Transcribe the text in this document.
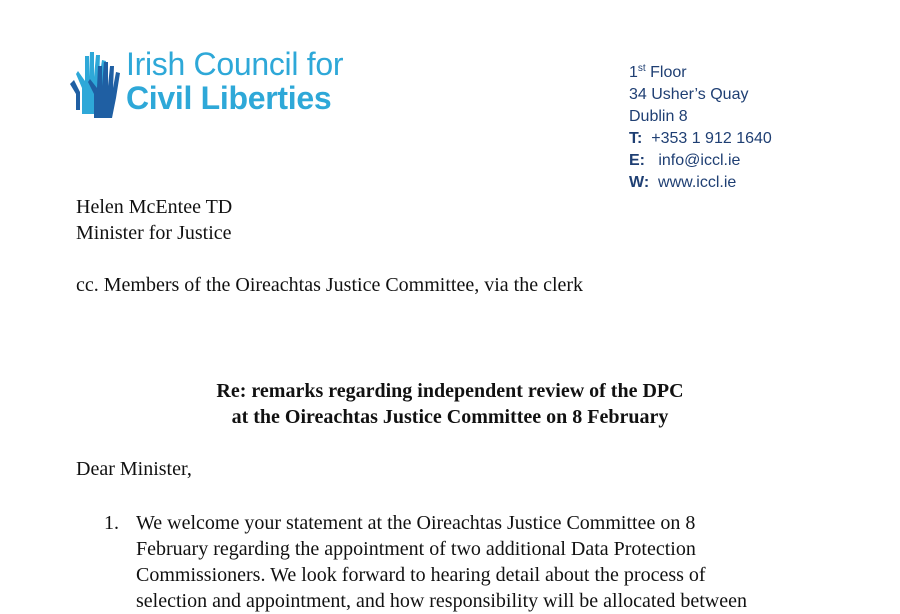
Irish Council for
Civil Liberties
1st Floor
34 Usher’s Quay
Dublin 8
T: +353 1 912 1640
E: info@iccl.ie
W: www.iccl.ie
Helen McEntee TD
Minister for Justice
cc. Members of the Oireachtas Justice Committee, via the clerk
Re: remarks regarding independent review of the DPC
at the Oireachtas Justice Committee on 8 February
Dear Minister,
1. We welcome your statement at the Oireachtas Justice Committee on 8
February regarding the appointment of two additional Data Protection
Commissioners. We look forward to hearing detail about the process of
selection and appointment, and how responsibility will be allocated between
